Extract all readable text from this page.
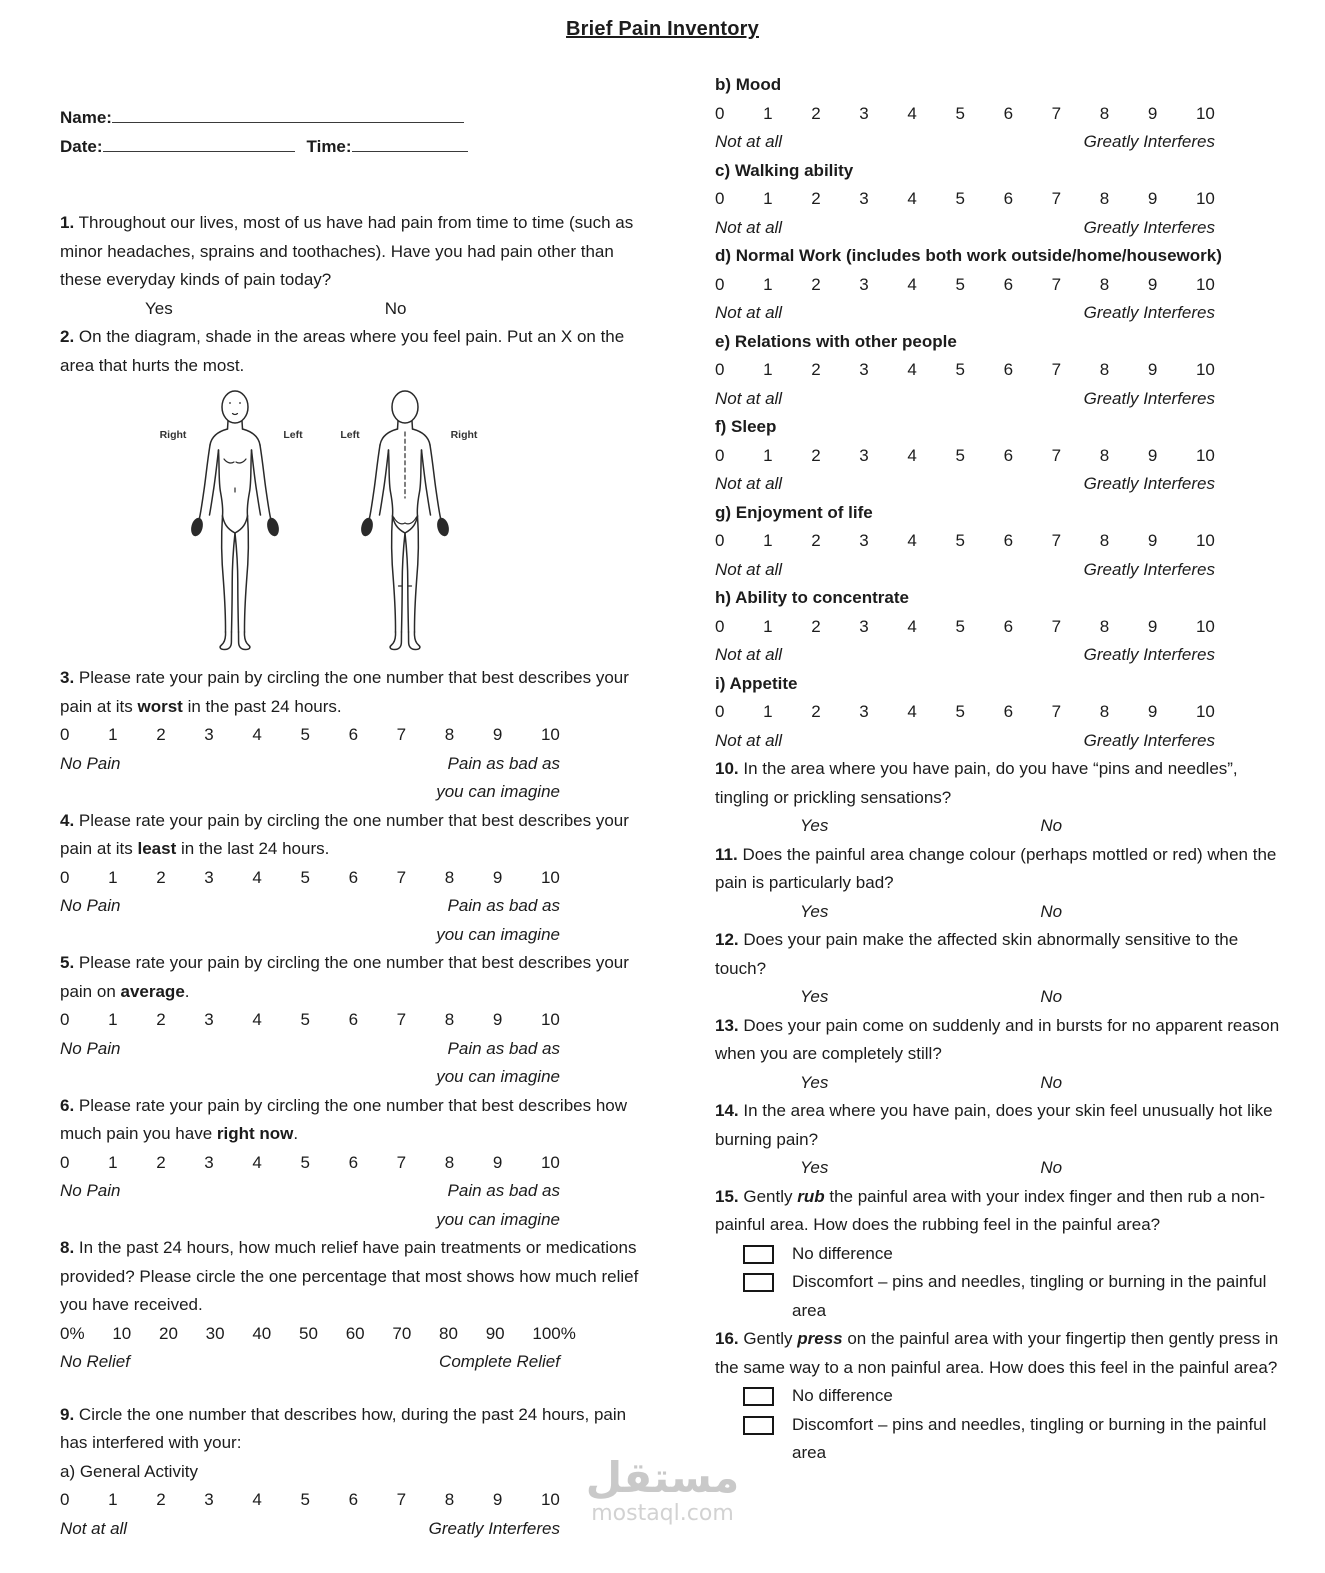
Brief Pain Inventory
Name:
Date:	Time:

1. Throughout our lives, most of us have had pain from time to time (such as minor headaches, sprains and toothaches). Have you had pain other than these everyday kinds of pain today?

Yes	No

2. On the diagram, shade in the areas where you feel pain. Put an X on the area that hurts the most.

Right	Left	Left	Right

3. Please rate your pain by circling the one number that best describes your pain at its worst in the past 24 hours.

0 1 2 3 4 5 6 7 8 9 10
No Pain	Pain as bad as
you can imagine

4. Please rate your pain by circling the one number that best describes your pain at its least in the last 24 hours.

0 1 2 3 4 5 6 7 8 9 10
No Pain	Pain as bad as
you can imagine

5. Please rate your pain by circling the one number that best describes your pain on average.

0 1 2 3 4 5 6 7 8 9 10
No Pain	Pain as bad as
you can imagine

6. Please rate your pain by circling the one number that best describes how much pain you have right now.

0 1 2 3 4 5 6 7 8 9 10
No Pain	Pain as bad as
you can imagine

8. In the past 24 hours, how much relief have pain treatments or medications provided? Please circle the one percentage that most shows how much relief you have received.

0% 10 20 30 40 50 60 70 80 90 100%
No Relief	Complete Relief

9. Circle the one number that describes how, during the past 24 hours, pain has interfered with your:

a) General Activity
0 1 2 3 4 5 6 7 8 9 10
Not at all	Greatly Interferes
b) Mood
0 1 2 3 4 5 6 7 8 9 10
Not at all	Greatly Interferes
c) Walking ability
0 1 2 3 4 5 6 7 8 9 10
Not at all	Greatly Interferes
d) Normal Work (includes both work outside/home/housework)
0 1 2 3 4 5 6 7 8 9 10
Not at all	Greatly Interferes
e) Relations with other people
0 1 2 3 4 5 6 7 8 9 10
Not at all	Greatly Interferes
f) Sleep
0 1 2 3 4 5 6 7 8 9 10
Not at all	Greatly Interferes
g) Enjoyment of life
0 1 2 3 4 5 6 7 8 9 10
Not at all	Greatly Interferes
h) Ability to concentrate
0 1 2 3 4 5 6 7 8 9 10
Not at all	Greatly Interferes
i) Appetite
0 1 2 3 4 5 6 7 8 9 10
Not at all	Greatly Interferes

10. In the area where you have pain, do you have “pins and needles”, tingling or prickling sensations?

Yes	No

11. Does the painful area change colour (perhaps mottled or red) when the pain is particularly bad?

Yes	No

12. Does your pain make the affected skin abnormally sensitive to the touch?

Yes	No

13. Does your pain come on suddenly and in bursts for no apparent reason when you are completely still?

Yes	No

14. In the area where you have pain, does your skin feel unusually hot like burning pain?

Yes	No

15. Gently rub the painful area with your index finger and then rub a non-painful area. How does the rubbing feel in the painful area?

No difference
Discomfort – pins and needles, tingling or burning in the painful area

16. Gently press on the painful area with your fingertip then gently press in the same way to a non painful area. How does this feel in the painful area?

No difference
Discomfort – pins and needles, tingling or burning in the painful area
مستقل
mostaql.com
